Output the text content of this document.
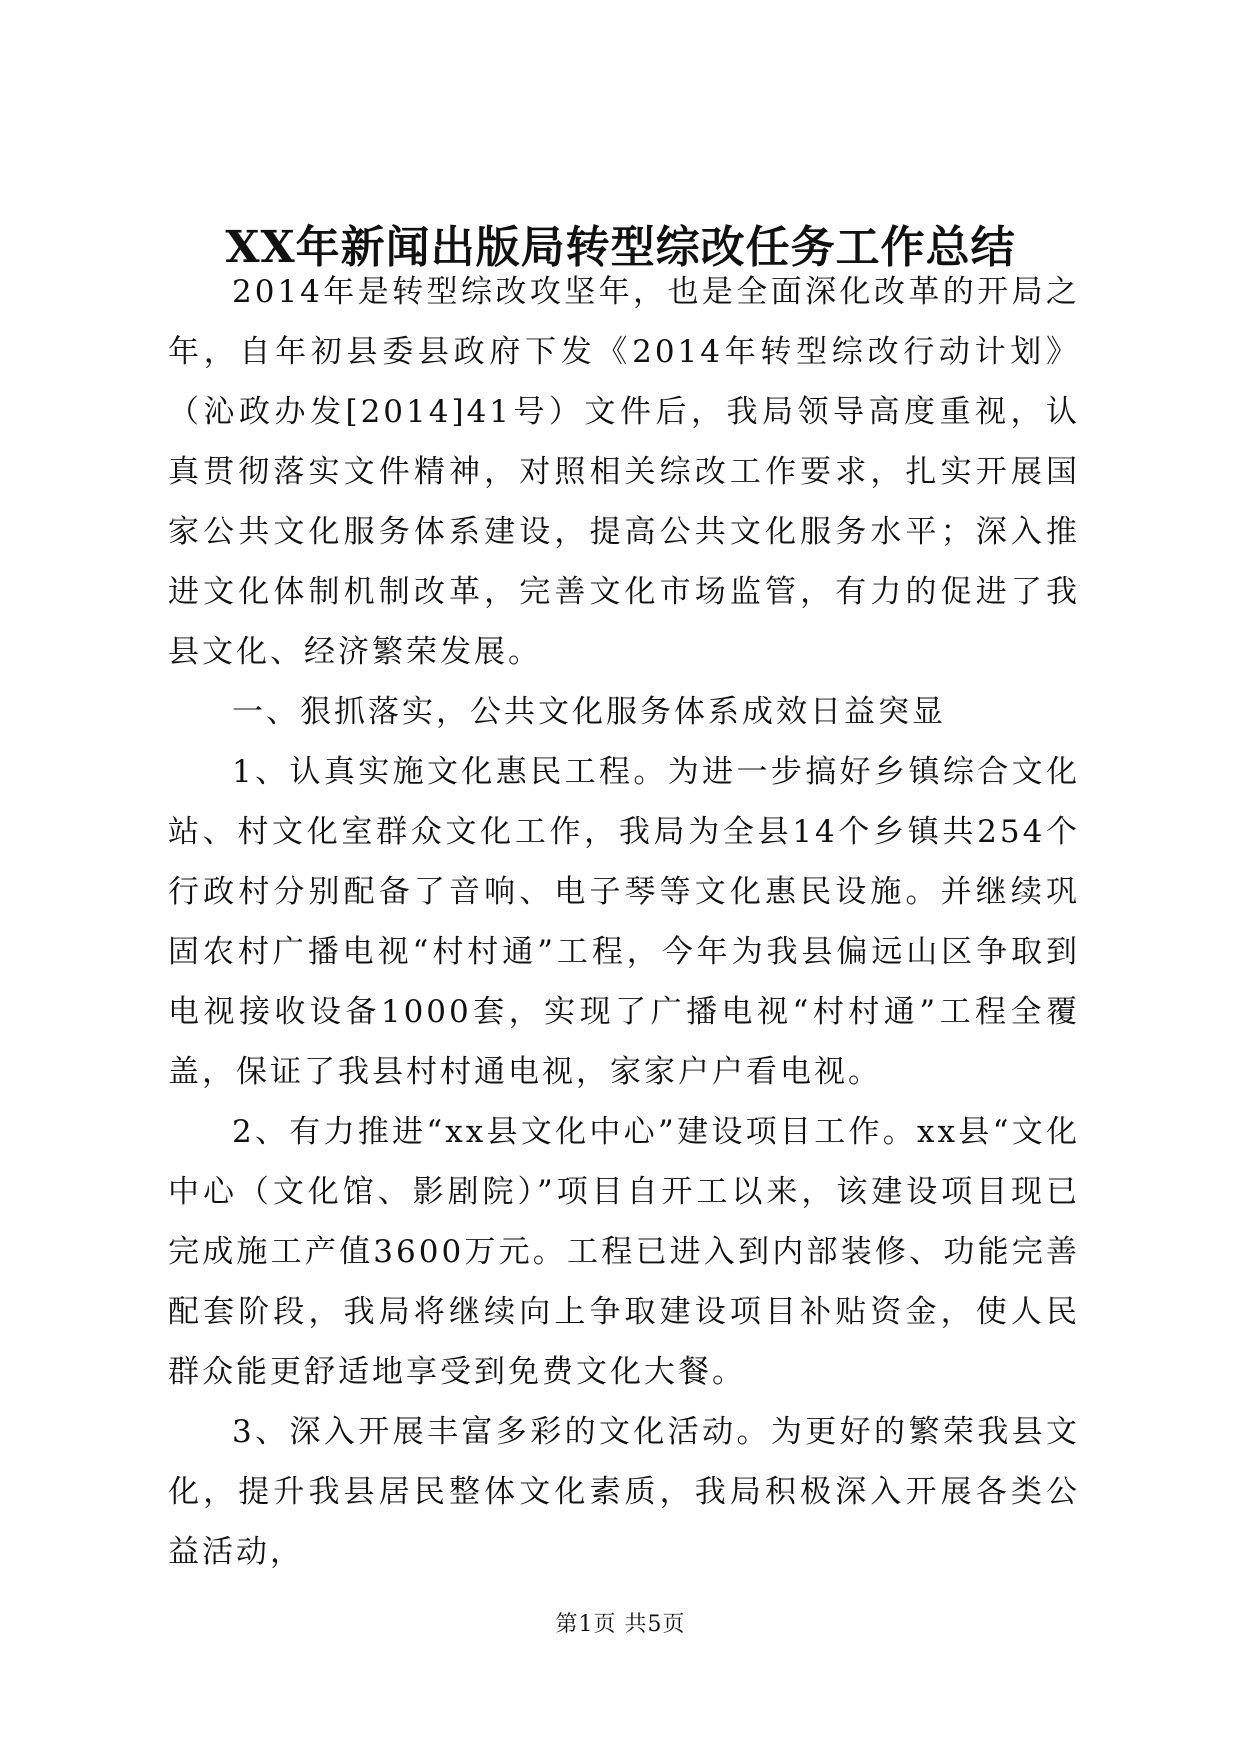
XX年新闻出版局转型综改任务工作总结

2014年是转型综改攻坚年，也是全面深化改革的开局之年，自年初县委县政府下发《2014年转型综改行动计划》（沁政办发[2014]41号）文件后，我局领导高度重视，认真贯彻落实文件精神，对照相关综改工作要求，扎实开展国家公共文化服务体系建设，提高公共文化服务水平；深入推进文化体制机制改革，完善文化市场监管，有力的促进了我县文化、经济繁荣发展。

一、狠抓落实，公共文化服务体系成效日益突显

1、认真实施文化惠民工程。为进一步搞好乡镇综合文化站、村文化室群众文化工作，我局为全县14个乡镇共254个行政村分别配备了音响、电子琴等文化惠民设施。并继续巩固农村广播电视“村村通”工程，今年为我县偏远山区争取到电视接收设备1000套，实现了广播电视“村村通”工程全覆盖，保证了我县村村通电视，家家户户看电视。

2、有力推进“xx县文化中心”建设项目工作。xx县“文化中心（文化馆、影剧院）”项目自开工以来，该建设项目现已完成施工产值3600万元。工程已进入到内部装修、功能完善配套阶段，我局将继续向上争取建设项目补贴资金，使人民群众能更舒适地享受到免费文化大餐。

3、深入开展丰富多彩的文化活动。为更好的繁荣我县文化，提升我县居民整体文化素质，我局积极深入开展各类公益活动，

第1页 共5页
